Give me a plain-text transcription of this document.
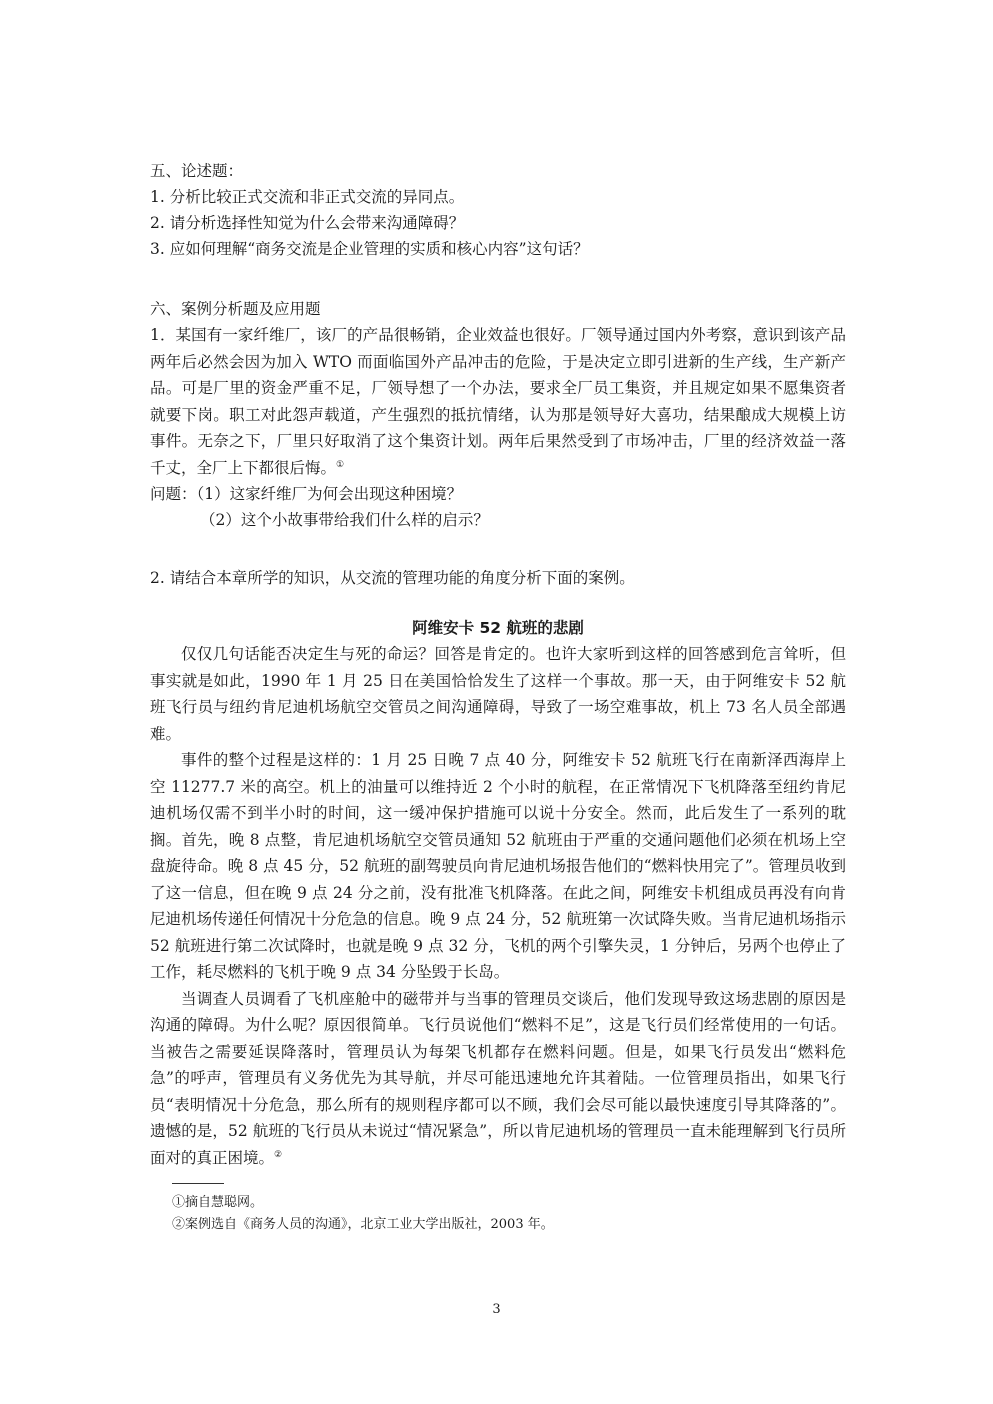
五、论述题：

1. 分析比较正式交流和非正式交流的异同点。

2. 请分析选择性知觉为什么会带来沟通障碍？

3. 应如何理解“商务交流是企业管理的实质和核心内容”这句话？

六、案例分析题及应用题

1．某国有一家纤维厂，该厂的产品很畅销，企业效益也很好。厂领导通过国内外考察，意识到该产品两年后必然会因为加入 WTO 而面临国外产品冲击的危险，于是决定立即引进新的生产线，生产新产品。可是厂里的资金严重不足，厂领导想了一个办法，要求全厂员工集资，并且规定如果不愿集资者就要下岗。职工对此怨声载道，产生强烈的抵抗情绪，认为那是领导好大喜功，结果酿成大规模上访事件。无奈之下，厂里只好取消了这个集资计划。两年后果然受到了市场冲击，厂里的经济效益一落千丈，全厂上下都很后悔。①

问题：（1）这家纤维厂为何会出现这种困境？

（2）这个小故事带给我们什么样的启示？

2. 请结合本章所学的知识，从交流的管理功能的角度分析下面的案例。

阿维安卡 52 航班的悲剧

仅仅几句话能否决定生与死的命运？回答是肯定的。也许大家听到这样的回答感到危言耸听，但事实就是如此，1990 年 1 月 25 日在美国恰恰发生了这样一个事故。那一天，由于阿维安卡 52 航班飞行员与纽约肯尼迪机场航空交管员之间沟通障碍，导致了一场空难事故，机上 73 名人员全部遇难。

事件的整个过程是这样的：1 月 25 日晚 7 点 40 分，阿维安卡 52 航班飞行在南新泽西海岸上空 11277.7 米的高空。机上的油量可以维持近 2 个小时的航程，在正常情况下飞机降落至纽约肯尼迪机场仅需不到半小时的时间，这一缓冲保护措施可以说十分安全。然而，此后发生了一系列的耽搁。首先，晚 8 点整，肯尼迪机场航空交管员通知 52 航班由于严重的交通问题他们必须在机场上空盘旋待命。晚 8 点 45 分，52 航班的副驾驶员向肯尼迪机场报告他们的“燃料快用完了”。管理员收到了这一信息，但在晚 9 点 24 分之前，没有批准飞机降落。在此之间，阿维安卡机组成员再没有向肯尼迪机场传递任何情况十分危急的信息。晚 9 点 24 分，52 航班第一次试降失败。当肯尼迪机场指示 52 航班进行第二次试降时，也就是晚 9 点 32 分，飞机的两个引擎失灵，1 分钟后，另两个也停止了工作，耗尽燃料的飞机于晚 9 点 34 分坠毁于长岛。

当调查人员调看了飞机座舱中的磁带并与当事的管理员交谈后，他们发现导致这场悲剧的原因是沟通的障碍。为什么呢？原因很简单。飞行员说他们“燃料不足”，这是飞行员们经常使用的一句话。当被告之需要延误降落时，管理员认为每架飞机都存在燃料问题。但是，如果飞行员发出“燃料危急”的呼声，管理员有义务优先为其导航，并尽可能迅速地允许其着陆。一位管理员指出，如果飞行员“表明情况十分危急，那么所有的规则程序都可以不顾，我们会尽可能以最快速度引导其降落的”。遗憾的是，52 航班的飞行员从未说过“情况紧急”，所以肯尼迪机场的管理员一直未能理解到飞行员所面对的真正困境。②

①摘自慧聪网。

②案例选自《商务人员的沟通》，北京工业大学出版社，2003 年。

3
